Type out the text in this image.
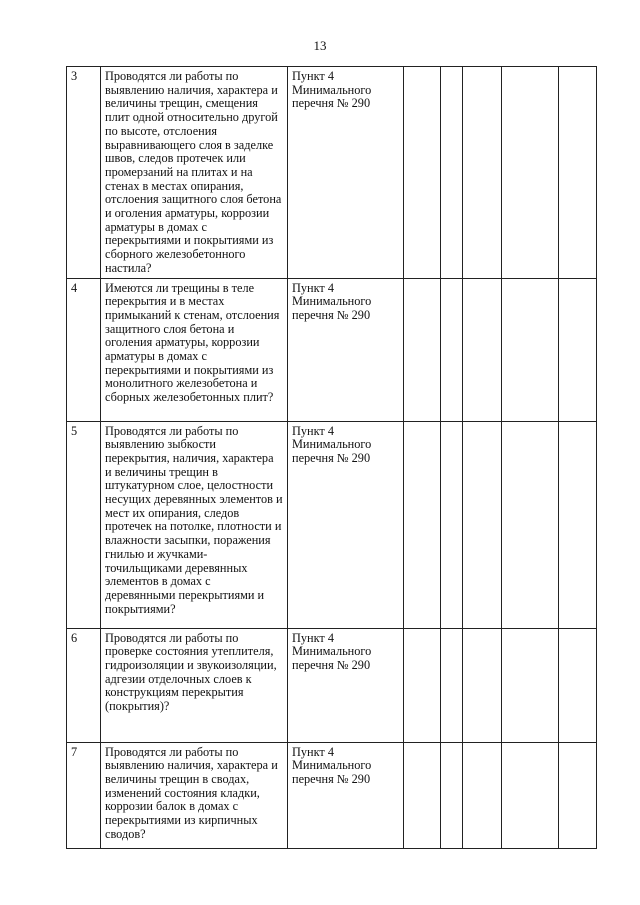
13
3	Проводятся ли работы по выявлению наличия, характера и величины трещин, смещения плит одной относительно другой по высоте, отслоения выравнивающего слоя в заделке швов, следов протечек или промерзаний на плитах и на стенах в местах опирания, отслоения защитного слоя бетона и оголения арматуры, коррозии арматуры в домах с перекрытиями и покрытиями из сборного железобетонного настила?	Пункт 4 Минимального перечня № 290					
4	Имеются ли трещины в теле перекрытия и в местах примыканий к стенам, отслоения защитного слоя бетона и оголения арматуры, коррозии арматуры в домах с перекрытиями и покрытиями из монолитного железобетона и сборных железобетонных плит?	Пункт 4 Минимального перечня № 290					
5	Проводятся ли работы по выявлению зыбкости перекрытия, наличия, характера и величины трещин в штукатурном слое, целостности несущих деревянных элементов и мест их опирания, следов протечек на потолке, плотности и влажности засыпки, поражения гнилью и жучками-точильщиками деревянных элементов в домах с деревянными перекрытиями и покрытиями?	Пункт 4 Минимального перечня № 290					
6	Проводятся ли работы по проверке состояния утеплителя, гидроизоляции и звукоизоляции, адгезии отделочных слоев к конструкциям перекрытия (покрытия)?	Пункт 4 Минимального перечня № 290					
7	Проводятся ли работы по выявлению наличия, характера и величины трещин в сводах, изменений состояния кладки, коррозии балок в домах с перекрытиями из кирпичных сводов?	Пункт 4 Минимального перечня № 290					
